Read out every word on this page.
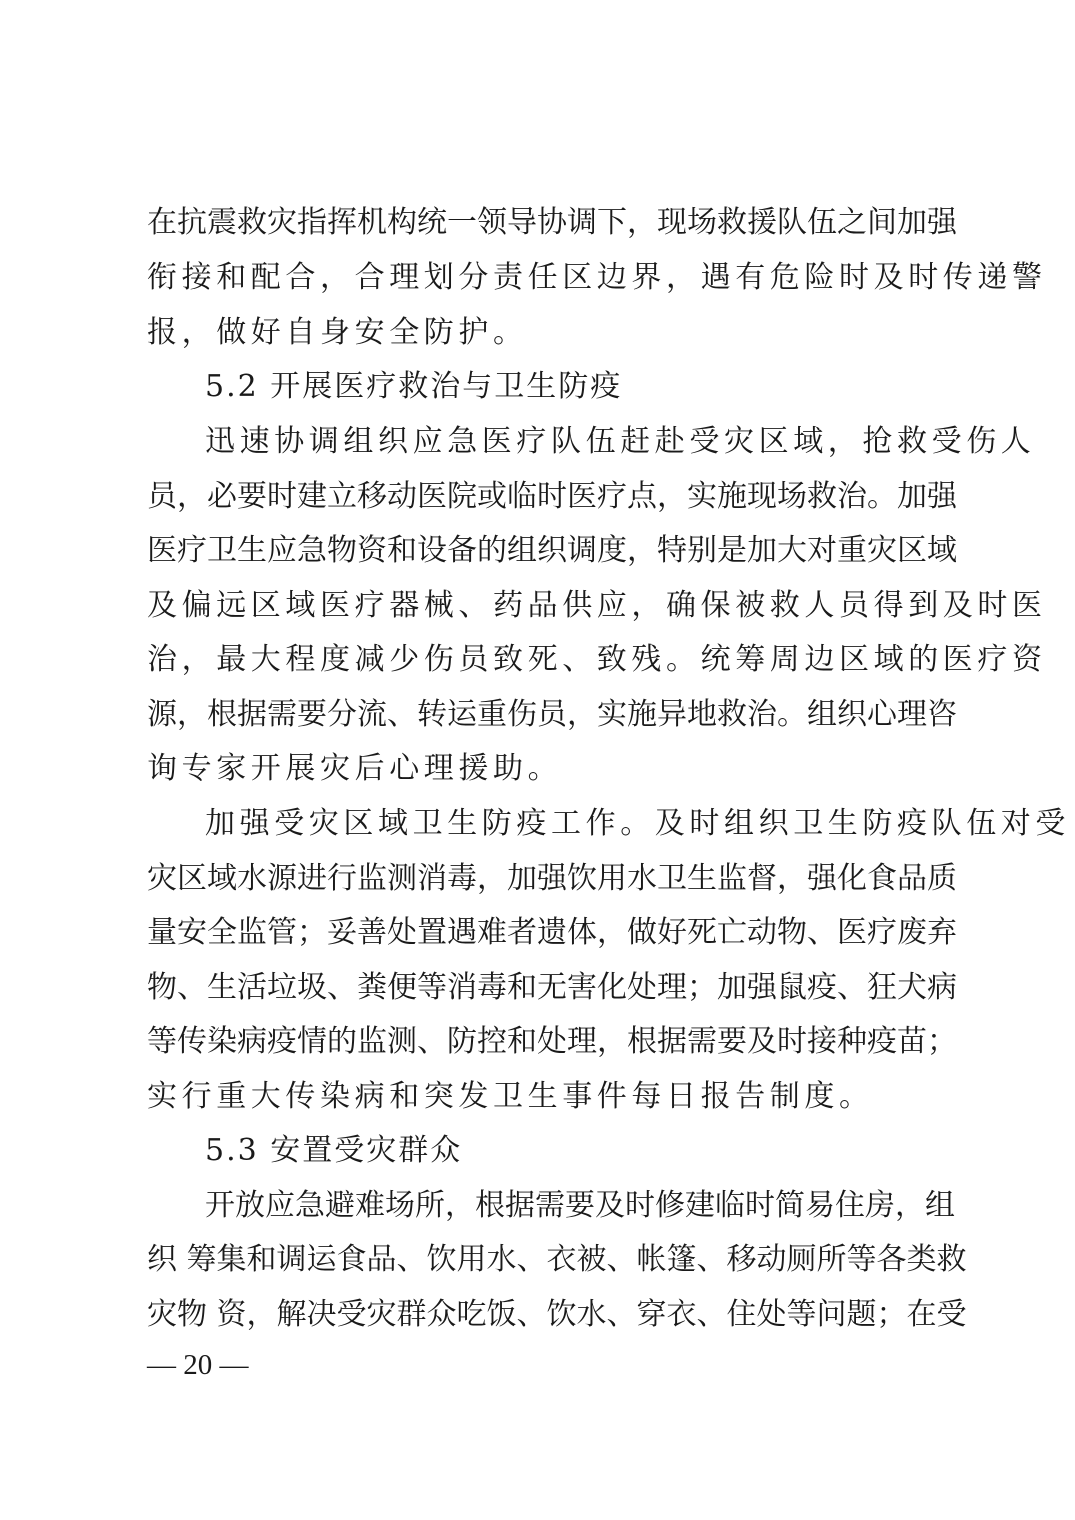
在抗震救灾指挥机构统一领导协调下，现场救援队伍之间加强
衔接和配合，合理划分责任区边界，遇有危险时及时传递警
报，做好自身安全防护。
5.2 开展医疗救治与卫生防疫
迅速协调组织应急医疗队伍赶赴受灾区域，抢救受伤人
员，必要时建立移动医院或临时医疗点，实施现场救治。加强
医疗卫生应急物资和设备的组织调度，特别是加大对重灾区域
及偏远区域医疗器械、药品供应，确保被救人员得到及时医
治，最大程度减少伤员致死、致残。统筹周边区域的医疗资
源，根据需要分流、转运重伤员，实施异地救治。组织心理咨
询专家开展灾后心理援助。
加强受灾区域卫生防疫工作。及时组织卫生防疫队伍对受
灾区域水源进行监测消毒，加强饮用水卫生监督，强化食品质
量安全监管；妥善处置遇难者遗体，做好死亡动物、医疗废弃
物、生活垃圾、粪便等消毒和无害化处理；加强鼠疫、狂犬病
等传染病疫情的监测、防控和处理，根据需要及时接种疫苗；
实行重大传染病和突发卫生事件每日报告制度。
5.3 安置受灾群众
开放应急避难场所，根据需要及时修建临时简易住房，组
织 筹集和调运食品、饮用水、衣被、帐篷、移动厕所等各类救
灾物 资，解决受灾群众吃饭、饮水、穿衣、住处等问题；在受
— 20 —
